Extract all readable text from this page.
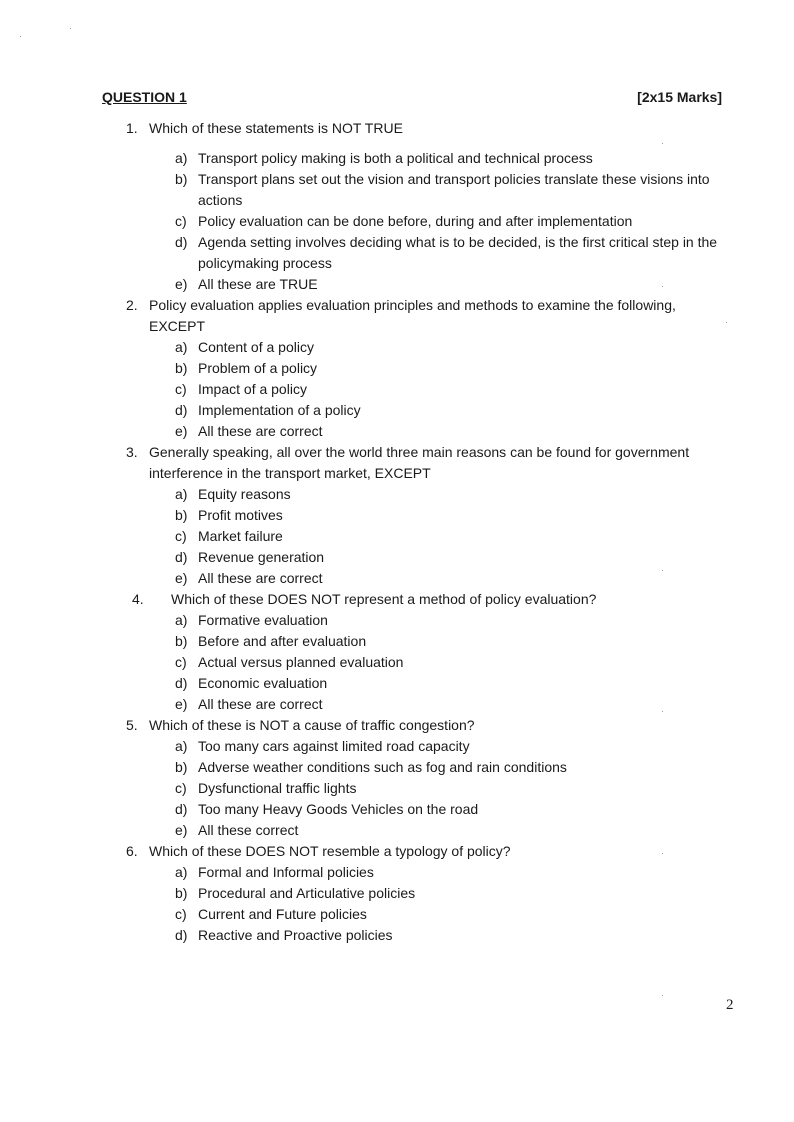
QUESTION 1	[2x15 Marks]
1. Which of these statements is NOT TRUE
a) Transport policy making is both a political and technical process
b) Transport plans set out the vision and transport policies translate these visions into actions
c) Policy evaluation can be done before, during and after implementation
d) Agenda setting involves deciding what is to be decided, is the first critical step in the policymaking process
e) All these are TRUE
2. Policy evaluation applies evaluation principles and methods to examine the following, EXCEPT
a) Content of a policy
b) Problem of a policy
c) Impact of a policy
d) Implementation of a policy
e) All these are correct
3. Generally speaking, all over the world three main reasons can be found for government interference in the transport market, EXCEPT
a) Equity reasons
b) Profit motives
c) Market failure
d) Revenue generation
e) All these are correct
4. Which of these DOES NOT represent a method of policy evaluation?
a) Formative evaluation
b) Before and after evaluation
c) Actual versus planned evaluation
d) Economic evaluation
e) All these are correct
5. Which of these is NOT a cause of traffic congestion?
a) Too many cars against limited road capacity
b) Adverse weather conditions such as fog and rain conditions
c) Dysfunctional traffic lights
d) Too many Heavy Goods Vehicles on the road
e) All these correct
6. Which of these DOES NOT resemble a typology of policy?
a) Formal and Informal policies
b) Procedural and Articulative policies
c) Current and Future policies
d) Reactive and Proactive policies
2
